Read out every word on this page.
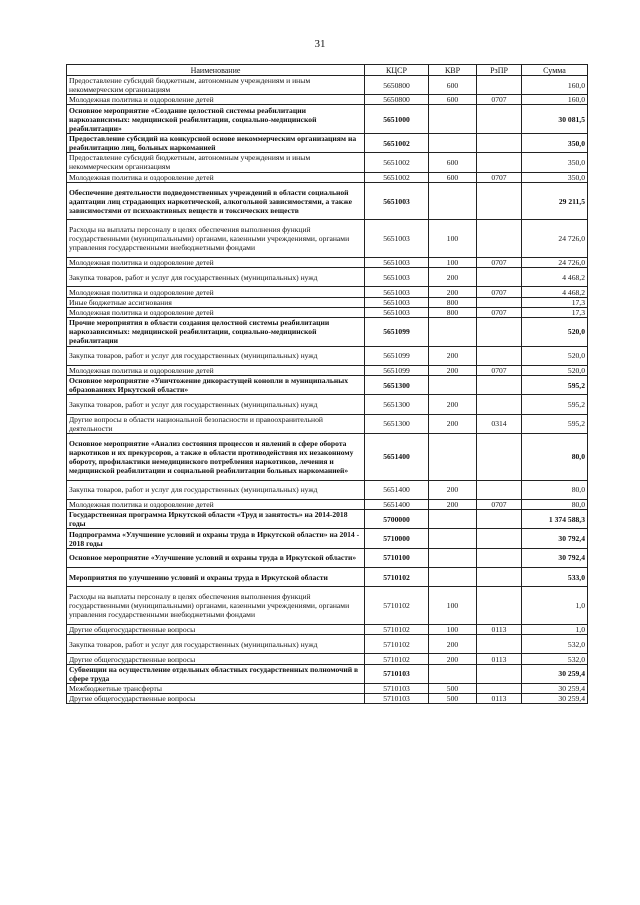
31
Наименование	КЦСР	КВР	РзПР	Сумма
Предоставление субсидий бюджетным, автономным учреждениям и иным некоммерческим организациям	5650800	600		160,0
Молодежная политика и оздоровление детей	5650800	600	0707	160,0
Основное мероприятие «Создание целостной системы реабилитации наркозависимых: медицинской реабилитации, социально-медицинской реабилитации»	5651000			30 081,5
Предоставление субсидий на конкурсной основе некоммерческим организациям на реабилитацию лиц, больных наркоманией	5651002			350,0
Предоставление субсидий бюджетным, автономным учреждениям и иным некоммерческим организациям	5651002	600		350,0
Молодежная политика и оздоровление детей	5651002	600	0707	350,0
Обеспечение деятельности подведомственных учреждений в области социальной адаптации лиц страдающих наркотической, алкогольной зависимостями, а также зависимостями от психоактивных веществ и токсических веществ	5651003			29 211,5
Расходы на выплаты персоналу в целях обеспечения выполнения функций государственными (муниципальными) органами, казенными учреждениями, органами управления государственными внебюджетными фондами	5651003	100		24 726,0
Молодежная политика и оздоровление детей	5651003	100	0707	24 726,0
Закупка товаров, работ и услуг для государственных (муниципальных) нужд	5651003	200		4 468,2
Молодежная политика и оздоровление детей	5651003	200	0707	4 468,2
Иные бюджетные ассигнования	5651003	800		17,3
Молодежная политика и оздоровление детей	5651003	800	0707	17,3
Прочие мероприятия в области создания целостной системы реабилитации наркозависимых: медицинской реабилитации, социально-медицинской реабилитации	5651099			520,0
Закупка товаров, работ и услуг для государственных (муниципальных) нужд	5651099	200		520,0
Молодежная политика и оздоровление детей	5651099	200	0707	520,0
Основное мероприятие «Уничтожение дикорастущей конопли в муниципальных образованиях Иркутской области»	5651300			595,2
Закупка товаров, работ и услуг для государственных (муниципальных) нужд	5651300	200		595,2
Другие вопросы в области национальной безопасности и правоохранительной деятельности	5651300	200	0314	595,2
Основное мероприятие «Анализ состояния процессов и явлений в сфере оборота наркотиков и их прекурсоров, а также в области противодействия их незаконному обороту, профилактики немедицинского потребления наркотиков, лечения и медицинской реабилитации и социальной реабилитации больных наркоманией»	5651400			80,0
Закупка товаров, работ и услуг для государственных (муниципальных) нужд	5651400	200		80,0
Молодежная политика и оздоровление детей	5651400	200	0707	80,0
Государственная программа Иркутской области «Труд и занятость» на 2014-2018 годы	5700000			1 374 588,3
Подпрограмма «Улучшение условий и охраны труда в Иркутской области» на 2014 - 2018 годы	5710000			30 792,4
Основное мероприятие «Улучшение условий и охраны труда в Иркутской области»	5710100			30 792,4
Мероприятия по улучшению условий и охраны труда в Иркутской области	5710102			533,0
Расходы на выплаты персоналу в целях обеспечения выполнения функций государственными (муниципальными) органами, казенными учреждениями, органами управления государственными внебюджетными фондами	5710102	100		1,0
Другие общегосударственные вопросы	5710102	100	0113	1,0
Закупка товаров, работ и услуг для государственных (муниципальных) нужд	5710102	200		532,0
Другие общегосударственные вопросы	5710102	200	0113	532,0
Субвенции на осуществление отдельных областных государственных полномочий в сфере труда	5710103			30 259,4
Межбюджетные трансферты	5710103	500		30 259,4
Другие общегосударственные вопросы	5710103	500	0113	30 259,4
